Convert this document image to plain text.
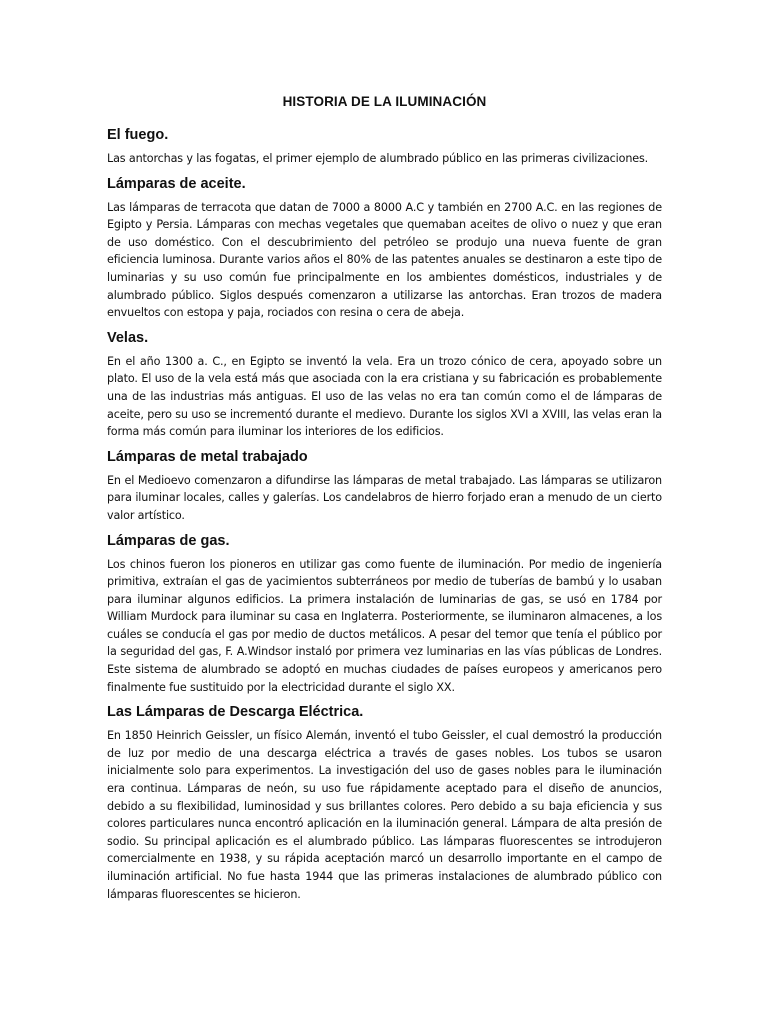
HISTORIA DE LA ILUMINACIÓN
El fuego.

Las antorchas y las fogatas, el primer ejemplo de alumbrado público en las primeras civilizaciones.

Lámparas de aceite.

Las lámparas de terracota que datan de 7000 a 8000 A.C y también en 2700 A.C. en las regiones de Egipto y Persia. Lámparas con mechas vegetales que quemaban aceites de olivo o nuez y que eran de uso doméstico. Con el descubrimiento del petróleo se produjo una nueva fuente de gran eficiencia luminosa. Durante varios años el 80% de las patentes anuales se destinaron a este tipo de luminarias y su uso común fue principalmente en los ambientes domésticos, industriales y de alumbrado público. Siglos después comenzaron a utilizarse las antorchas. Eran trozos de madera envueltos con estopa y paja, rociados con resina o cera de abeja.

Velas.

En el año 1300 a. C., en Egipto se inventó la vela. Era un trozo cónico de cera, apoyado sobre un plato. El uso de la vela está más que asociada con la era cristiana y su fabricación es probablemente una de las industrias más antiguas. El uso de las velas no era tan común como el de lámparas de aceite, pero su uso se incrementó durante el medievo. Durante los siglos XVI a XVIII, las velas eran la forma más común para iluminar los interiores de los edificios.

Lámparas de metal trabajado

En el Medioevo comenzaron a difundirse las lámparas de metal trabajado. Las lámparas se utilizaron para iluminar locales, calles y galerías. Los candelabros de hierro forjado eran a menudo de un cierto valor artístico.

Lámparas de gas.

Los chinos fueron los pioneros en utilizar gas como fuente de iluminación. Por medio de ingeniería primitiva, extraían el gas de yacimientos subterráneos por medio de tuberías de bambú y lo usaban para iluminar algunos edificios. La primera instalación de luminarias de gas, se usó en 1784 por William Murdock para iluminar su casa en Inglaterra. Posteriormente, se iluminaron almacenes, a los cuáles se conducía el gas por medio de ductos metálicos. A pesar del temor que tenía el público por la seguridad del gas, F. A.Windsor instaló por primera vez luminarias en las vías públicas de Londres. Este sistema de alumbrado se adoptó en muchas ciudades de países europeos y americanos pero finalmente fue sustituido por la electricidad durante el siglo XX.

Las Lámparas de Descarga Eléctrica.

En 1850 Heinrich Geissler, un físico Alemán, inventó el tubo Geissler, el cual demostró la producción de luz por medio de una descarga eléctrica a través de gases nobles. Los tubos se usaron inicialmente solo para experimentos. La investigación del uso de gases nobles para le iluminación era continua. Lámparas de neón, su uso fue rápidamente aceptado para el diseño de anuncios, debido a su flexibilidad, luminosidad y sus brillantes colores. Pero debido a su baja eficiencia y sus colores particulares nunca encontró aplicación en la iluminación general. Lámpara de alta presión de sodio. Su principal aplicación es el alumbrado público. Las lámparas fluorescentes se introdujeron comercialmente en 1938, y su rápida aceptación marcó un desarrollo importante en el campo de iluminación artificial. No fue hasta 1944 que las primeras instalaciones de alumbrado público con lámparas fluorescentes se hicieron.
